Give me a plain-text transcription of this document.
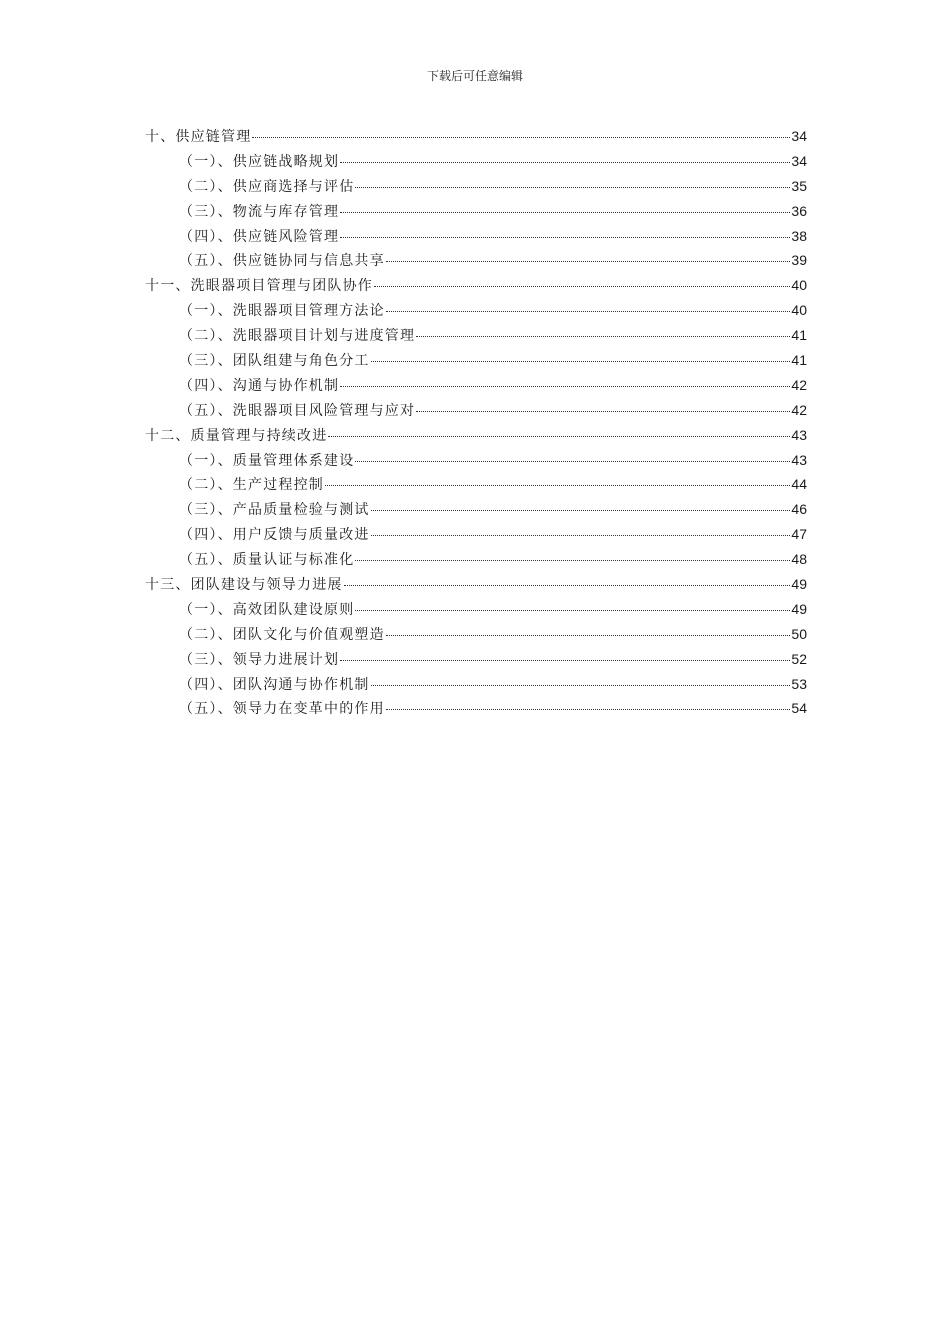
下载后可任意编辑
十、供应链管理	34
（一）、供应链战略规划	34
（二）、供应商选择与评估	35
（三）、物流与库存管理	36
（四）、供应链风险管理	38
（五）、供应链协同与信息共享	39
十一、洗眼器项目管理与团队协作	40
（一）、洗眼器项目管理方法论	40
（二）、洗眼器项目计划与进度管理	41
（三）、团队组建与角色分工	41
（四）、沟通与协作机制	42
（五）、洗眼器项目风险管理与应对	42
十二、质量管理与持续改进	43
（一）、质量管理体系建设	43
（二）、生产过程控制	44
（三）、产品质量检验与测试	46
（四）、用户反馈与质量改进	47
（五）、质量认证与标准化	48
十三、团队建设与领导力进展	49
（一）、高效团队建设原则	49
（二）、团队文化与价值观塑造	50
（三）、领导力进展计划	52
（四）、团队沟通与协作机制	53
（五）、领导力在变革中的作用	54
